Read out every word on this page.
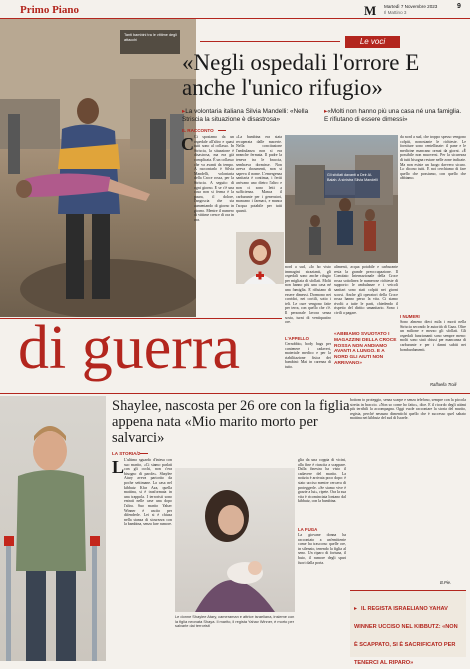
Primo Piano	M Martedì 7 Novembre 2023
Il Mattino 3
9
Tanti bambini tra le vittime degli attacchi	Le voci
«Negli ospedali l'orrore E anche l'unico rifugio»
▸La volontaria italiana Silvia Mandelli: «Nella Striscia la situazione è disastrosa»
▸«Molti non hanno più una casa né una famiglia. E rifiutano di essere dimessi»
IL RACCONTO
C Ci sposiamo da un ospedale all'altro e quasi tutti sono al collasso. In Striscia, la situazione è disastrosa, ma era già complicata. È un collasso che va avanti da tempo. A raccontarlo è Silvia Mandelli, volontaria della Croce rossa, per la Striscia. A seguito di ogni giorno. E se c'è una cosa non si ferma è la paura, il dolore, l'angoscia che sta aumentando di giorno in giorno. Mentre il numero di vittime cresce di ora in ora.
«La bambina era stata recuperata dalle macerie. Nella concitazione l'ambulanza non si era neanche fermata. Il padre la teneva tra le braccia, sembrava dormisse. Non aveva documenti, non si sapeva il nome. L'emergenza sanitaria è continua, i feriti arrivano uno dietro l'altro e non ci sono letti a sufficienza. Manca il carburante per i generatori, mancano i farmaci, e manca l'acqua potabile per tutti quanti.
nord a sud, «Io ho visto immagini strazianti, gli ospedali sono anche rifugio per migliaia di sfollati. Molti non hanno più una casa né una famiglia. E rifiutano di essere dimessi. Dormono nei corridoi, nei cortili, sotto i teli. Le cure vengono fatte per terra, con quello che c'è. Il personale lavora senza sosta, turni di ventiquattro ore.
Gli sfollati davanti a Deir Al-Balah. A sinistra Silvia Mandelli
alimenti, acqua potabile e carburante resta la grande preoccupazione. Il Comitato Internazionale della Croce rossa sottolinea le numerose richieste di supporto: le ambulanze e i veicoli sanitari sono stati colpiti nei giorni scorsi. Anche gli operatori della Croce rossa hanno perso la vita. Ci siamo rivolti a tutte le parti, chiedendo il rispetto del diritto umanitario. Sono i civili a pagare.
L'APPELLO
Cernobbio, body bags per contenere i cadaveri, materiale medico e per la riabilitazione fisica dei bambini: Mai in carenza di tutto.
«ABBIAMO SVUOTATO I MAGAZZINI DELLA CROCE ROSSA NON ANDIAMO AVANTI A LUNGO. E A NORD GLI AIUTI NON ARRIVANO»
da nord a sud, che troppo spesso vengono colpiti, nonostante le richieste. Le forniture sono centellinate: il pane e le medicine mancano ormai da giorni. «È possibile non muoversi. Per la sicurezza di tutti bisogna restare nelle zone indicate. Ma non esiste un luogo davvero sicuro. Lo dicono tutti. E noi cerchiamo di fare quello che possiamo, con quello che abbiamo.
I NUMERI
Sono almeno dieci mila i morti nella Striscia secondo le autorità di Gaza. Oltre un milione e mezzo gli sfollati. Gli ospedali funzionanti sono sempre meno: molti sono stati chiusi per mancanza di carburante e per i danni subiti nei bombardamenti.
Raffaella Troili
di guerra
Shaylee, nascosta per 26 ore con la figlia appena nata «Mio marito morto per salvarci»
LA STORIA/2
L L'ultimo sguardo d'intesa con suo marito, «Ci siamo parlati con gli occhi, non c'era bisogno di parole». Shaylee Atary aveva partorito da poche settimane. La casa nel kibbutz Kfar Aza, quella mattina, si è trasformata in una trappola. I terroristi sono entrati nelle case una dopo l'altra. Suo marito Yahav Winner è uscito per difenderle. Lei si è chiusa nella stanza di sicurezza con la bambina, senza fare rumore.
Le donne Shaylee Atary, cameraman e attrice israeliana, insieme con la figlia neonata Shaya. Il marito, il regista Yahav Winner, è morto per salvarle dai terroristi
glia da una coppia di vicini, alla fine è riuscita a scappare. Dalla finestra ha visto il cadavere del marito. La notizia è arrivata poco dopo: è stato ucciso mentre cercava di proteggerle. «Se siamo vive è grazie a lui», ripete. Ora la sua vita è ricominciata lontano dal kibbutz, con la bambina.
LA FUGA
La giovane donna ha raccontato a un'emittente come ha trascorso quelle ore, in silenzio, tenendo la figlia al seno. Un riparo di fortuna, il buio, il rumore degli spari fuori dalla porta.
bottom to proteggio, senza scarpe e senza telefono, sempre con la piccola stretta in braccio. «Non so come ho fatto», dice. E il ricordo degli attimi più terribili la accompagna. Oggi vuole raccontare la storia del marito, regista, perché nessuno dimentichi quello che è successo quel sabato mattina nei kibbutz del sud di Israele.
B.Pie.
▸ IL REGISTA ISRAELIANO YAHAV WINNER UCCISO NEL KIBBUTZ: «NON È SCAPPATO, SI È SACRIFICATO PER TENERCI AL RIPARO»
